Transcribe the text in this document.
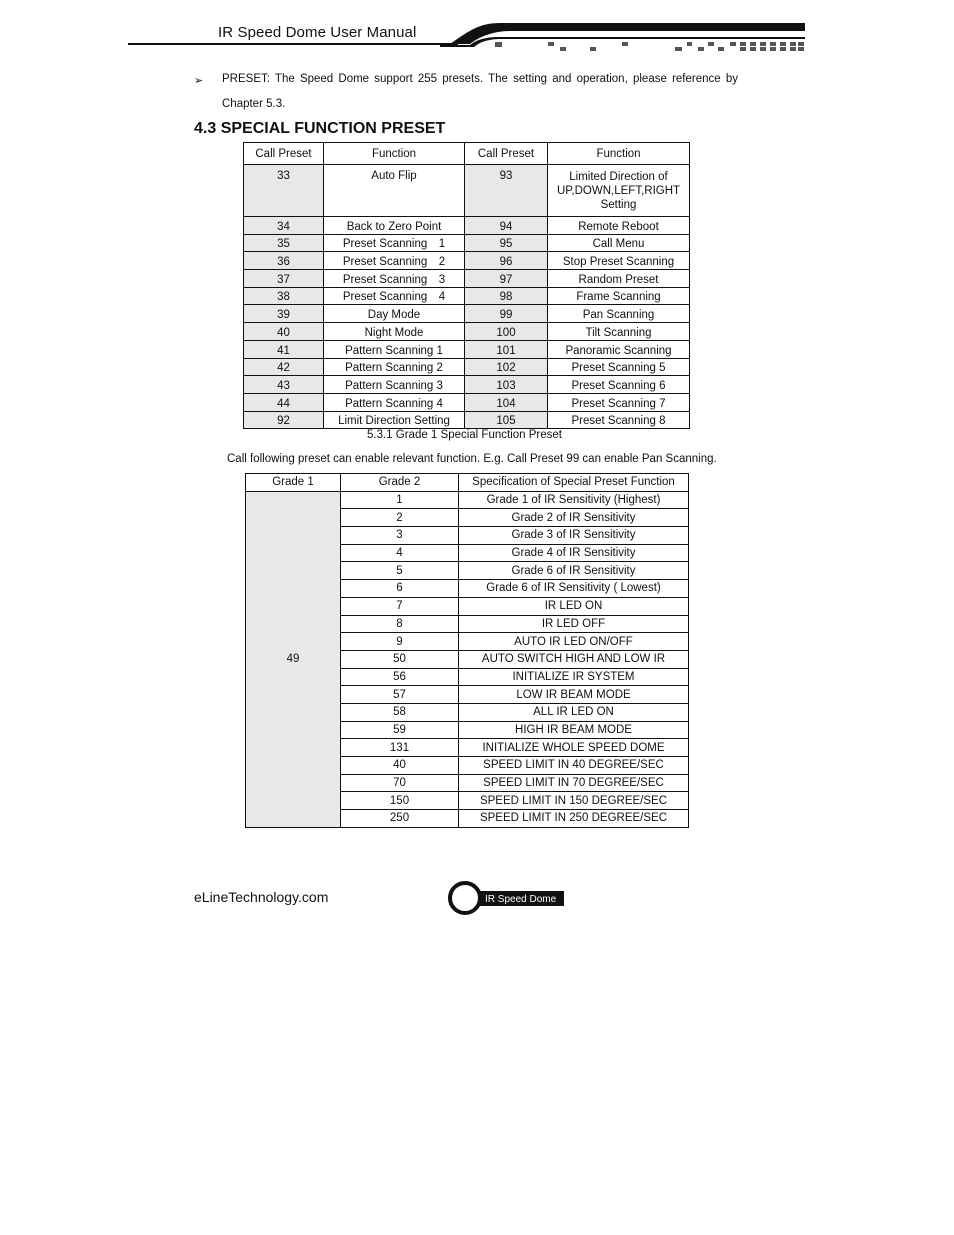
IR Speed Dome User Manual
➢ PRESET: The Speed Dome support 255 presets. The setting and operation, please reference by
Chapter 5.3.
4.3 SPECIAL FUNCTION PRESET
Call Preset	Function	Call Preset	Function
33	Auto Flip	93	Limited Direction of UP,DOWN,LEFT,RIGHT Setting
34	Back to Zero Point	94	Remote Reboot
35	Preset Scanning　1	95	Call Menu
36	Preset Scanning　2	96	Stop Preset Scanning
37	Preset Scanning　3	97	Random Preset
38	Preset Scanning　4	98	Frame Scanning
39	Day Mode	99	Pan Scanning
40	Night Mode	100	Tilt Scanning
41	Pattern Scanning 1	101	Panoramic Scanning
42	Pattern Scanning 2	102	Preset Scanning 5
43	Pattern Scanning 3	103	Preset Scanning 6
44	Pattern Scanning 4	104	Preset Scanning 7
92	Limit Direction Setting	105	Preset Scanning 8
5.3.1 Grade 1 Special Function Preset
Call following preset can enable relevant function. E.g. Call Preset 99 can enable Pan Scanning.
Grade 1	Grade 2	Specification of Special Preset Function
49	1	Grade 1 of IR Sensitivity (Highest)
	2	Grade 2 of IR Sensitivity
	3	Grade 3 of IR Sensitivity
	4	Grade 4 of IR Sensitivity
	5	Grade 6 of IR Sensitivity
	6	Grade 6 of IR Sensitivity ( Lowest)
	7	IR LED ON
	8	IR LED OFF
	9	AUTO IR LED ON/OFF
	50	AUTO SWITCH HIGH AND LOW IR
	56	INITIALIZE IR SYSTEM
	57	LOW IR BEAM MODE
	58	ALL IR LED ON
	59	HIGH IR BEAM MODE
	131	INITIALIZE WHOLE SPEED DOME
	40	SPEED LIMIT IN 40 DEGREE/SEC
	70	SPEED LIMIT IN 70 DEGREE/SEC
	150	SPEED LIMIT IN 150 DEGREE/SEC
	250	SPEED LIMIT IN 250 DEGREE/SEC
eLineTechnology.com	IR Speed Dome
